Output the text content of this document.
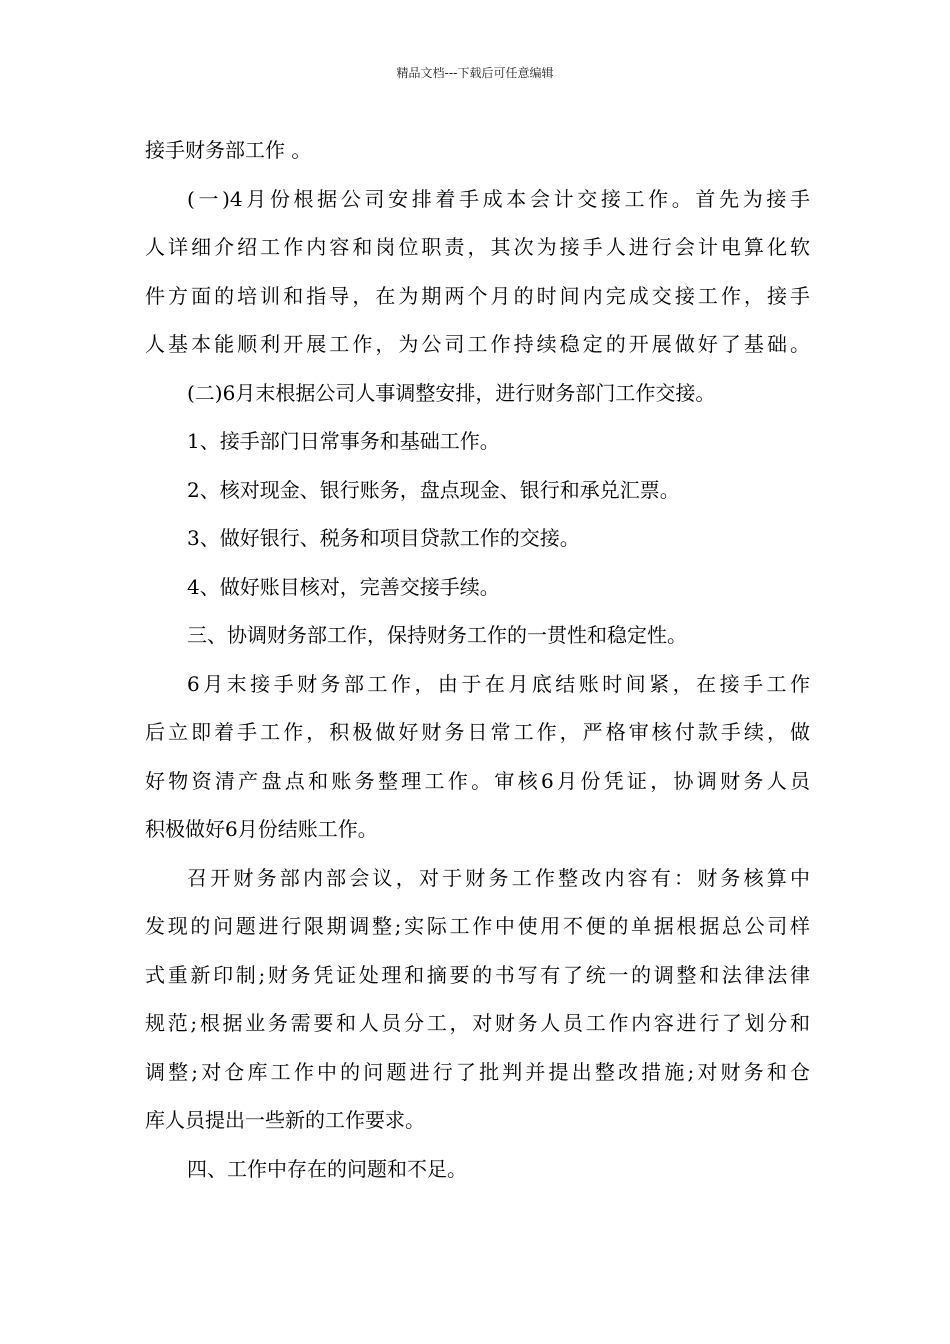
精品文档---下载后可任意编辑
接手财务部工作 。
(一)4月份根据公司安排着手成本会计交接工作。首先为接手
人详细介绍工作内容和岗位职责，其次为接手人进行会计电算化软
件方面的培训和指导，在为期两个月的时间内完成交接工作，接手
人基本能顺利开展工作，为公司工作持续稳定的开展做好了基础。
(二)6月末根据公司人事调整安排，进行财务部门工作交接。
1、接手部门日常事务和基础工作。
2、核对现金、银行账务，盘点现金、银行和承兑汇票。
3、做好银行、税务和项目贷款工作的交接。
4、做好账目核对，完善交接手续。
三、协调财务部工作，保持财务工作的一贯性和稳定性。
6月末接手财务部工作，由于在月底结账时间紧，在接手工作
后立即着手工作，积极做好财务日常工作，严格审核付款手续，做
好物资清产盘点和账务整理工作。审核6月份凭证，协调财务人员
积极做好6月份结账工作。
召开财务部内部会议，对于财务工作整改内容有：财务核算中
发现的问题进行限期调整;实际工作中使用不便的单据根据总公司样
式重新印制;财务凭证处理和摘要的书写有了统一的调整和法律法律
规范;根据业务需要和人员分工，对财务人员工作内容进行了划分和
调整;对仓库工作中的问题进行了批判并提出整改措施;对财务和仓
库人员提出一些新的工作要求。
四、工作中存在的问题和不足。
